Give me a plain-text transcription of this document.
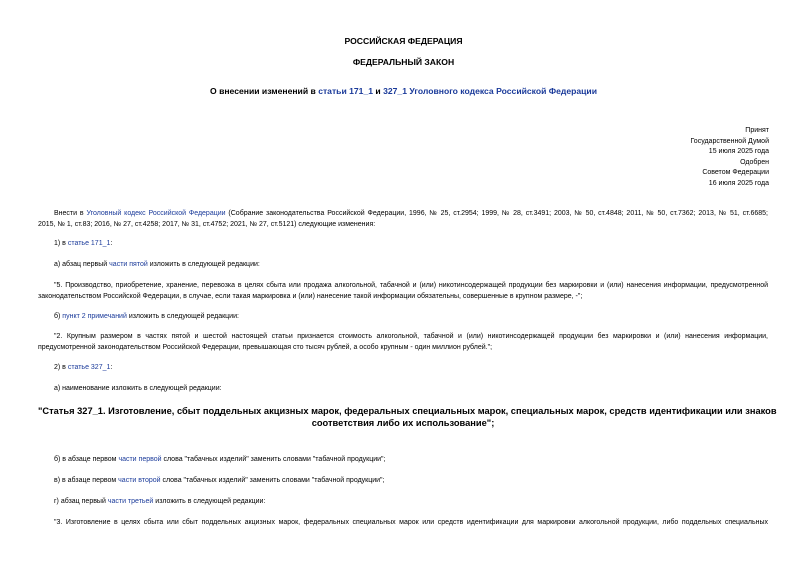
РОССИЙСКАЯ ФЕДЕРАЦИЯ
ФЕДЕРАЛЬНЫЙ ЗАКОН
О внесении изменений в статьи 171_1 и 327_1 Уголовного кодекса Российской Федерации
Принят
Государственной Думой
15 июля 2025 года
Одобрен
Советом Федерации
16 июля 2025 года
Внести в Уголовный кодекс Российской Федерации (Собрание законодательства Российской Федерации, 1996, № 25, ст.2954; 1999, № 28, ст.3491; 2003, № 50, ст.4848; 2011, № 50, ст.7362; 2013, № 51, ст.6685;
2015, № 1, ст.83; 2016, № 27, ст.4258; 2017, № 31, ст.4752; 2021, № 27, ст.5121) следующие изменения:
1) в статье 171_1:
а) абзац первый части пятой изложить в следующей редакции:
"5. Производство, приобретение, хранение, перевозка в целях сбыта или продажа алкогольной, табачной и (или) никотинсодержащей продукции без маркировки и (или) нанесения информации, предусмотренной
законодательством Российской Федерации, в случае, если такая маркировка и (или) нанесение такой информации обязательны, совершенные в крупном размере, -";
б) пункт 2 примечаний изложить в следующей редакции:
"2. Крупным размером в частях пятой и шестой настоящей статьи признается стоимость алкогольной, табачной и (или) никотинсодержащей продукции без маркировки и (или) нанесения информации,
предусмотренной законодательством Российской Федерации, превышающая сто тысяч рублей, а особо крупным - один миллион рублей.";
2) в статье 327_1:
а) наименование изложить в следующей редакции:
"Статья 327_1. Изготовление, сбыт поддельных акцизных марок, федеральных специальных марок, специальных марок, средств идентификации или знаков
соответствия либо их использование";
б) в абзаце первом части первой слова "табачных изделий" заменить словами "табачной продукции";
в) в абзаце первом части второй слова "табачных изделий" заменить словами "табачной продукции";
г) абзац первый части третьей изложить в следующей редакции:
"3. Изготовление в целях сбыта или сбыт поддельных акцизных марок, федеральных специальных марок или средств идентификации для маркировки алкогольной продукции, либо поддельных специальных
